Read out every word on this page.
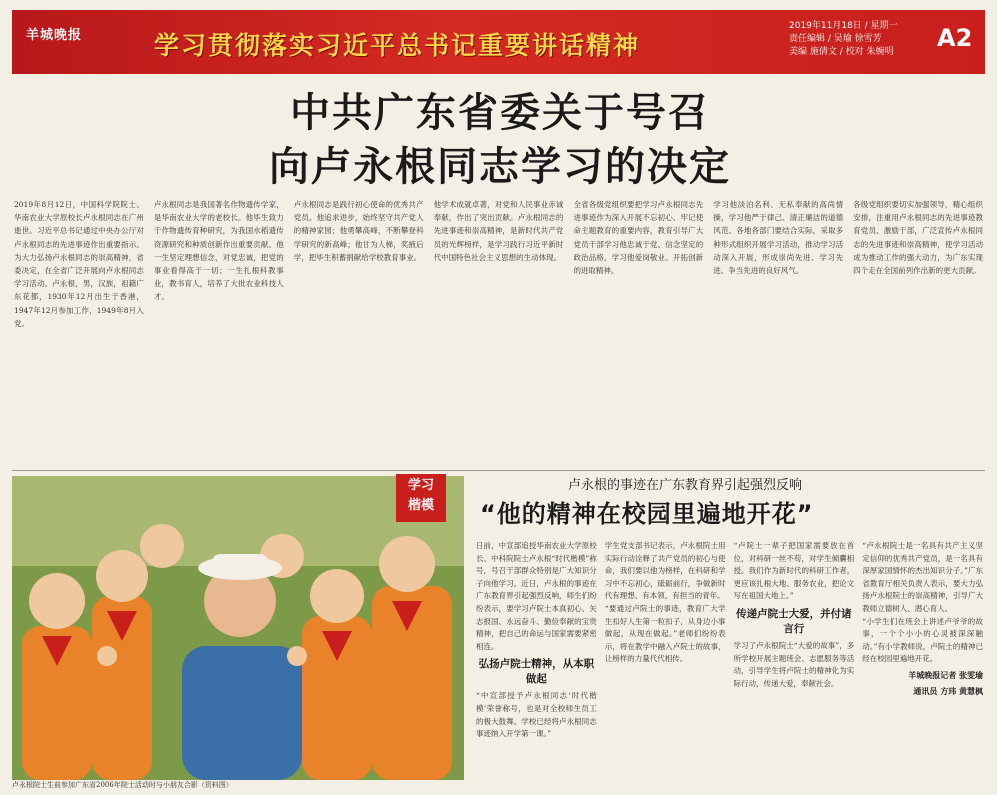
羊城晚报	学习贯彻落实习近平总书记重要讲话精神
2019年11月18日 / 星期一
责任编辑 / 吴瑜 徐雪芳
美编 施倩文 / 校对 朱婉明	A2
中共广东省委关于号召
向卢永根同志学习的决定
2019年8月12日，中国科学院院士、华南农业大学原校长卢永根同志在广州逝世。习近平总书记通过中央办公厅对卢永根同志的先进事迹作出重要指示。为大力弘扬卢永根同志的崇高精神，省委决定，在全省广泛开展向卢永根同志学习活动。卢永根，男，汉族，祖籍广东花都，1930年12月出生于香港，1947年12月参加工作，1949年8月入党。
卢永根同志是我国著名作物遗传学家，是华南农业大学的老校长。他毕生致力于作物遗传育种研究，为我国水稻遗传资源研究和种质创新作出重要贡献。他一生坚定理想信念，对党忠诚，把党的事业看得高于一切；一生扎根科教事业，教书育人，培养了大批农业科技人才。
卢永根同志是践行初心使命的优秀共产党员。他追求进步，始终坚守共产党人的精神家园；他勇攀高峰，不断攀登科学研究的新高峰；他甘为人梯，奖掖后学，把毕生积蓄捐献给学校教育事业。
他学术成就卓著，对党和人民事业赤诚奉献，作出了突出贡献。卢永根同志的先进事迹和崇高精神，是新时代共产党员的光辉榜样，是学习践行习近平新时代中国特色社会主义思想的生动体现。
全省各级党组织要把学习卢永根同志先进事迹作为深入开展不忘初心、牢记使命主题教育的重要内容，教育引导广大党员干部学习他忠诚于党、信念坚定的政治品格，学习他爱岗敬业、开拓创新的进取精神。
学习他淡泊名利、无私奉献的高尚情操，学习他严于律己、清正廉洁的道德风范。各地各部门要结合实际，采取多种形式组织开展学习活动，推动学习活动深入开展，形成崇尚先进、学习先进、争当先进的良好风气。
各级党组织要切实加强领导，精心组织安排，注重用卢永根同志的先进事迹教育党员、激励干部，广泛宣传卢永根同志的先进事迹和崇高精神，使学习活动成为推动工作的强大动力，为广东实现四个走在全国前列作出新的更大贡献。
卢永根院士生前参加广东省2006年院士活动时与小朋友合影（资料图）
学习
楷模
卢永根的事迹在广东教育界引起强烈反响
“他的精神在校园里遍地开花”
日前，中宣部追授华南农业大学原校长、中科院院士卢永根“时代楷模”称号，号召干部群众特别是广大知识分子向他学习。近日，卢永根的事迹在广东教育界引起强烈反响，师生们纷纷表示，要学习卢院士本真初心、矢志报国、永远奋斗、勤俭奉献的宝贵精神，把自己的命运与国家需要紧密相连。
弘扬卢院士精神，从本职做起
“中宣部授予卢永根同志‘时代楷模’荣誉称号，也是对全校师生员工的极大鼓舞。学校已经将卢永根同志事迹纳入开学第一课。”
学生党支部书记表示，卢永根院士用实际行动诠释了共产党员的初心与使命，我们要以他为榜样，在科研和学习中不忘初心，砥砺前行，争做新时代有理想、有本领、有担当的青年。
“要通过卢院士的事迹，教育广大学生扣好人生第一粒扣子，从身边小事做起，从现在做起。”老师们纷纷表示，将在教学中融入卢院士的故事，让榜样的力量代代相传。
“卢院士一辈子把国家需要放在首位，对科研一丝不苟，对学生倾囊相授。我们作为新时代的科研工作者，更应该扎根大地、服务农业，把论文写在祖国大地上。”
传递卢院士大爱，并付诸言行
学习了卢永根院士“大爱的故事”，多所学校开展主题班会、志愿服务等活动，引导学生将卢院士的精神化为实际行动，传递大爱，奉献社会。
“卢永根院士是一名具有共产主义坚定信仰的优秀共产党员，是一名具有深厚家国情怀的杰出知识分子。”广东省教育厅相关负责人表示，要大力弘扬卢永根院士的崇高精神，引导广大教师立德树人、潜心育人。
“小学生们在班会上讲述卢爷爷的故事，一个个小小的心灵被深深触动。”有小学教师说，卢院士的精神已经在校园里遍地开花。
羊城晚报记者 张雯瑜
通讯员 方玮 黄慧枫
